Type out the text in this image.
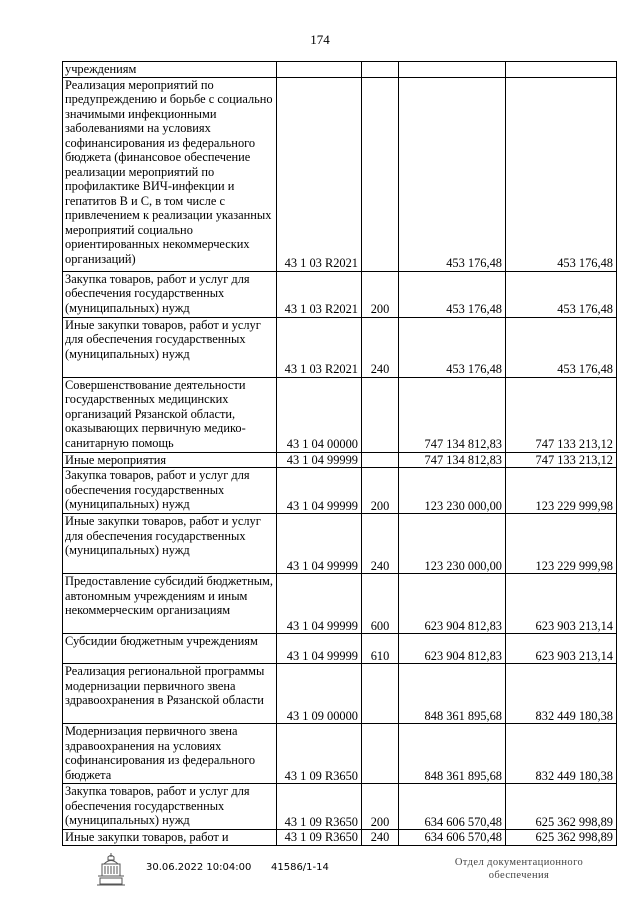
174
учреждениям				
Реализация мероприятий по предупреждению и борьбе с социально значимыми инфекционными заболеваниями на условиях софинансирования из федерального бюджета (финансовое обеспечение реализации мероприятий по профилактике ВИЧ-инфекции и гепатитов В и С, в том числе с привлечением к реализации указанных мероприятий социально ориентированных некоммерческих организаций)	43 1 03 R2021		453 176,48	453 176,48
Закупка товаров, работ и услуг для обеспечения государственных (муниципальных) нужд	43 1 03 R2021	200	453 176,48	453 176,48
Иные закупки товаров, работ и услуг для обеспечения государственных (муниципальных) нужд	43 1 03 R2021	240	453 176,48	453 176,48
Совершенствование деятельности государственных медицинских организаций Рязанской области, оказывающих первичную медико-санитарную помощь	43 1 04 00000		747 134 812,83	747 133 213,12
Иные мероприятия	43 1 04 99999		747 134 812,83	747 133 213,12
Закупка товаров, работ и услуг для обеспечения государственных (муниципальных) нужд	43 1 04 99999	200	123 230 000,00	123 229 999,98
Иные закупки товаров, работ и услуг для обеспечения государственных (муниципальных) нужд	43 1 04 99999	240	123 230 000,00	123 229 999,98
Предоставление субсидий бюджетным, автономным учреждениям и иным некоммерческим организациям	43 1 04 99999	600	623 904 812,83	623 903 213,14
Субсидии бюджетным учреждениям	43 1 04 99999	610	623 904 812,83	623 903 213,14
Реализация региональной программы модернизации первичного звена здравоохранения в Рязанской области	43 1 09 00000		848 361 895,68	832 449 180,38
Модернизация первичного звена здравоохранения на условиях софинансирования из федерального бюджета	43 1 09 R3650		848 361 895,68	832 449 180,38
Закупка товаров, работ и услуг для обеспечения государственных (муниципальных) нужд	43 1 09 R3650	200	634 606 570,48	625 362 998,89
Иные закупки товаров, работ и	43 1 09 R3650	240	634 606 570,48	625 362 998,89
30.06.2022 10:04:00 41586/1-14	Отдел документационного
обеспечения
